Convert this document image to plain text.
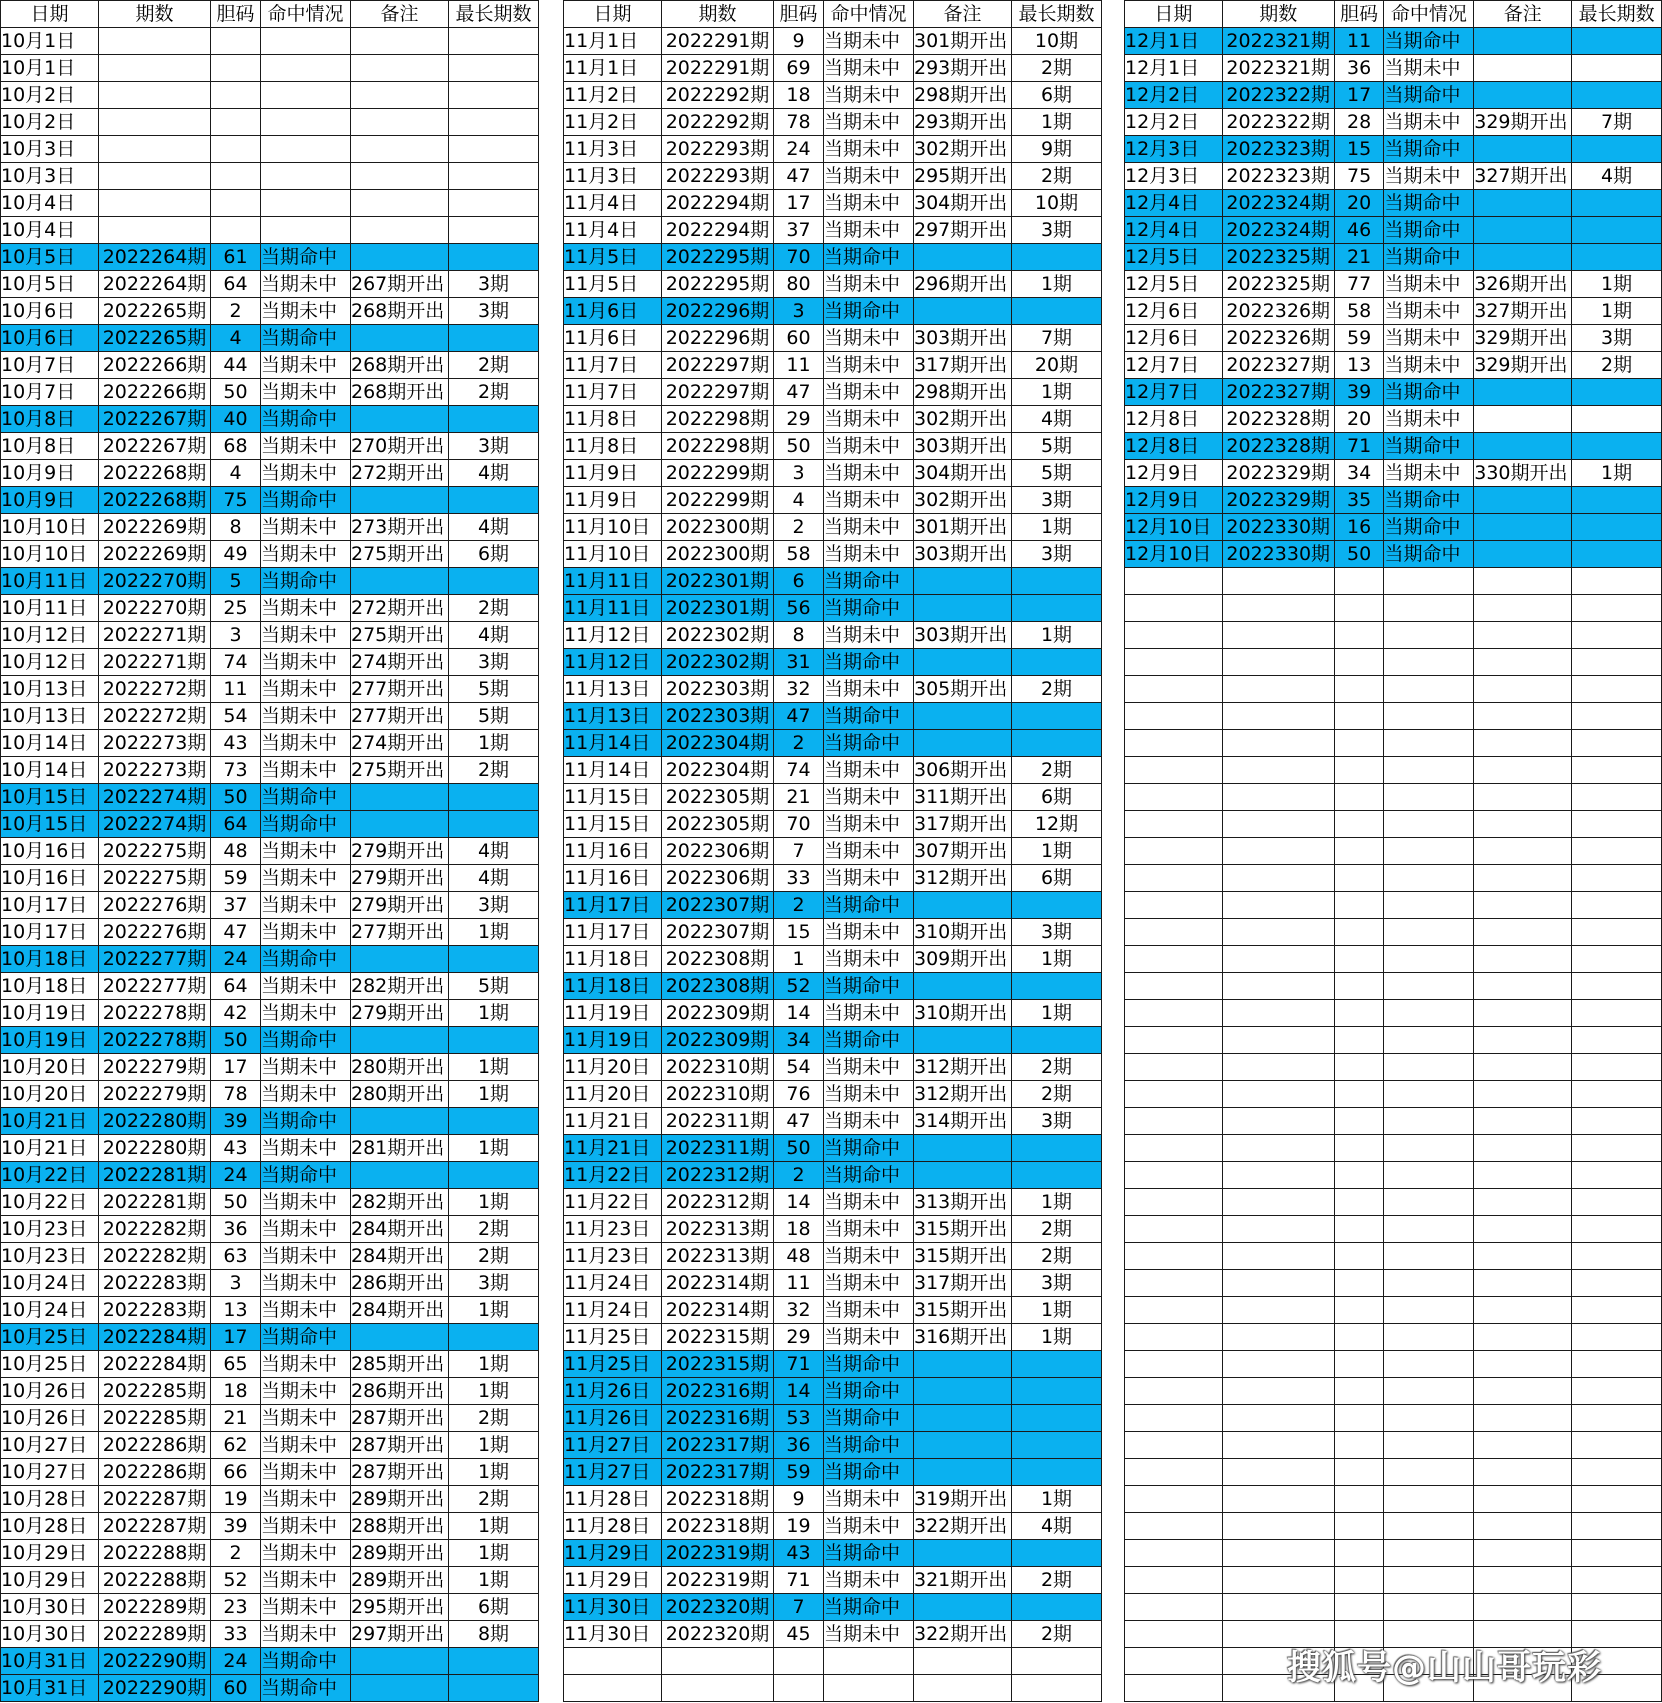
日期	期数	胆码	命中情况	备注	最长期数
10月1日					
10月1日					
10月2日					
10月2日					
10月3日					
10月3日					
10月4日					
10月4日					
10月5日	2022264期	61	当期命中		
10月5日	2022264期	64	当期未中	267期开出	3期
10月6日	2022265期	2	当期未中	268期开出	3期
10月6日	2022265期	4	当期命中		
10月7日	2022266期	44	当期未中	268期开出	2期
10月7日	2022266期	50	当期未中	268期开出	2期
10月8日	2022267期	40	当期命中		
10月8日	2022267期	68	当期未中	270期开出	3期
10月9日	2022268期	4	当期未中	272期开出	4期
10月9日	2022268期	75	当期命中		
10月10日	2022269期	8	当期未中	273期开出	4期
10月10日	2022269期	49	当期未中	275期开出	6期
10月11日	2022270期	5	当期命中		
10月11日	2022270期	25	当期未中	272期开出	2期
10月12日	2022271期	3	当期未中	275期开出	4期
10月12日	2022271期	74	当期未中	274期开出	3期
10月13日	2022272期	11	当期未中	277期开出	5期
10月13日	2022272期	54	当期未中	277期开出	5期
10月14日	2022273期	43	当期未中	274期开出	1期
10月14日	2022273期	73	当期未中	275期开出	2期
10月15日	2022274期	50	当期命中		
10月15日	2022274期	64	当期命中		
10月16日	2022275期	48	当期未中	279期开出	4期
10月16日	2022275期	59	当期未中	279期开出	4期
10月17日	2022276期	37	当期未中	279期开出	3期
10月17日	2022276期	47	当期未中	277期开出	1期
10月18日	2022277期	24	当期命中		
10月18日	2022277期	64	当期未中	282期开出	5期
10月19日	2022278期	42	当期未中	279期开出	1期
10月19日	2022278期	50	当期命中		
10月20日	2022279期	17	当期未中	280期开出	1期
10月20日	2022279期	78	当期未中	280期开出	1期
10月21日	2022280期	39	当期命中		
10月21日	2022280期	43	当期未中	281期开出	1期
10月22日	2022281期	24	当期命中		
10月22日	2022281期	50	当期未中	282期开出	1期
10月23日	2022282期	36	当期未中	284期开出	2期
10月23日	2022282期	63	当期未中	284期开出	2期
10月24日	2022283期	3	当期未中	286期开出	3期
10月24日	2022283期	13	当期未中	284期开出	1期
10月25日	2022284期	17	当期命中		
10月25日	2022284期	65	当期未中	285期开出	1期
10月26日	2022285期	18	当期未中	286期开出	1期
10月26日	2022285期	21	当期未中	287期开出	2期
10月27日	2022286期	62	当期未中	287期开出	1期
10月27日	2022286期	66	当期未中	287期开出	1期
10月28日	2022287期	19	当期未中	289期开出	2期
10月28日	2022287期	39	当期未中	288期开出	1期
10月29日	2022288期	2	当期未中	289期开出	1期
10月29日	2022288期	52	当期未中	289期开出	1期
10月30日	2022289期	23	当期未中	295期开出	6期
10月30日	2022289期	33	当期未中	297期开出	8期
10月31日	2022290期	24	当期命中		
10月31日	2022290期	60	当期命中		
日期	期数	胆码	命中情况	备注	最长期数
11月1日	2022291期	9	当期未中	301期开出	10期
11月1日	2022291期	69	当期未中	293期开出	2期
11月2日	2022292期	18	当期未中	298期开出	6期
11月2日	2022292期	78	当期未中	293期开出	1期
11月3日	2022293期	24	当期未中	302期开出	9期
11月3日	2022293期	47	当期未中	295期开出	2期
11月4日	2022294期	17	当期未中	304期开出	10期
11月4日	2022294期	37	当期未中	297期开出	3期
11月5日	2022295期	70	当期命中		
11月5日	2022295期	80	当期未中	296期开出	1期
11月6日	2022296期	3	当期命中		
11月6日	2022296期	60	当期未中	303期开出	7期
11月7日	2022297期	11	当期未中	317期开出	20期
11月7日	2022297期	47	当期未中	298期开出	1期
11月8日	2022298期	29	当期未中	302期开出	4期
11月8日	2022298期	50	当期未中	303期开出	5期
11月9日	2022299期	3	当期未中	304期开出	5期
11月9日	2022299期	4	当期未中	302期开出	3期
11月10日	2022300期	2	当期未中	301期开出	1期
11月10日	2022300期	58	当期未中	303期开出	3期
11月11日	2022301期	6	当期命中		
11月11日	2022301期	56	当期命中		
11月12日	2022302期	8	当期未中	303期开出	1期
11月12日	2022302期	31	当期命中		
11月13日	2022303期	32	当期未中	305期开出	2期
11月13日	2022303期	47	当期命中		
11月14日	2022304期	2	当期命中		
11月14日	2022304期	74	当期未中	306期开出	2期
11月15日	2022305期	21	当期未中	311期开出	6期
11月15日	2022305期	70	当期未中	317期开出	12期
11月16日	2022306期	7	当期未中	307期开出	1期
11月16日	2022306期	33	当期未中	312期开出	6期
11月17日	2022307期	2	当期命中		
11月17日	2022307期	15	当期未中	310期开出	3期
11月18日	2022308期	1	当期未中	309期开出	1期
11月18日	2022308期	52	当期命中		
11月19日	2022309期	14	当期未中	310期开出	1期
11月19日	2022309期	34	当期命中		
11月20日	2022310期	54	当期未中	312期开出	2期
11月20日	2022310期	76	当期未中	312期开出	2期
11月21日	2022311期	47	当期未中	314期开出	3期
11月21日	2022311期	50	当期命中		
11月22日	2022312期	2	当期命中		
11月22日	2022312期	14	当期未中	313期开出	1期
11月23日	2022313期	18	当期未中	315期开出	2期
11月23日	2022313期	48	当期未中	315期开出	2期
11月24日	2022314期	11	当期未中	317期开出	3期
11月24日	2022314期	32	当期未中	315期开出	1期
11月25日	2022315期	29	当期未中	316期开出	1期
11月25日	2022315期	71	当期命中		
11月26日	2022316期	14	当期命中		
11月26日	2022316期	53	当期命中		
11月27日	2022317期	36	当期命中		
11月27日	2022317期	59	当期命中		
11月28日	2022318期	9	当期未中	319期开出	1期
11月28日	2022318期	19	当期未中	322期开出	4期
11月29日	2022319期	43	当期命中		
11月29日	2022319期	71	当期未中	321期开出	2期
11月30日	2022320期	7	当期命中		
11月30日	2022320期	45	当期未中	322期开出	2期

日期	期数	胆码	命中情况	备注	最长期数
12月1日	2022321期	11	当期命中		
12月1日	2022321期	36	当期未中		
12月2日	2022322期	17	当期命中		
12月2日	2022322期	28	当期未中	329期开出	7期
12月3日	2022323期	15	当期命中		
12月3日	2022323期	75	当期未中	327期开出	4期
12月4日	2022324期	20	当期命中		
12月4日	2022324期	46	当期命中		
12月5日	2022325期	21	当期命中		
12月5日	2022325期	77	当期未中	326期开出	1期
12月6日	2022326期	58	当期未中	327期开出	1期
12月6日	2022326期	59	当期未中	329期开出	3期
12月7日	2022327期	13	当期未中	329期开出	2期
12月7日	2022327期	39	当期命中		
12月8日	2022328期	20	当期未中		
12月8日	2022328期	71	当期命中		
12月9日	2022329期	34	当期未中	330期开出	1期
12月9日	2022329期	35	当期命中		
12月10日	2022330期	16	当期命中		
12月10日	2022330期	50	当期命中		

搜狐号@山山哥玩彩
